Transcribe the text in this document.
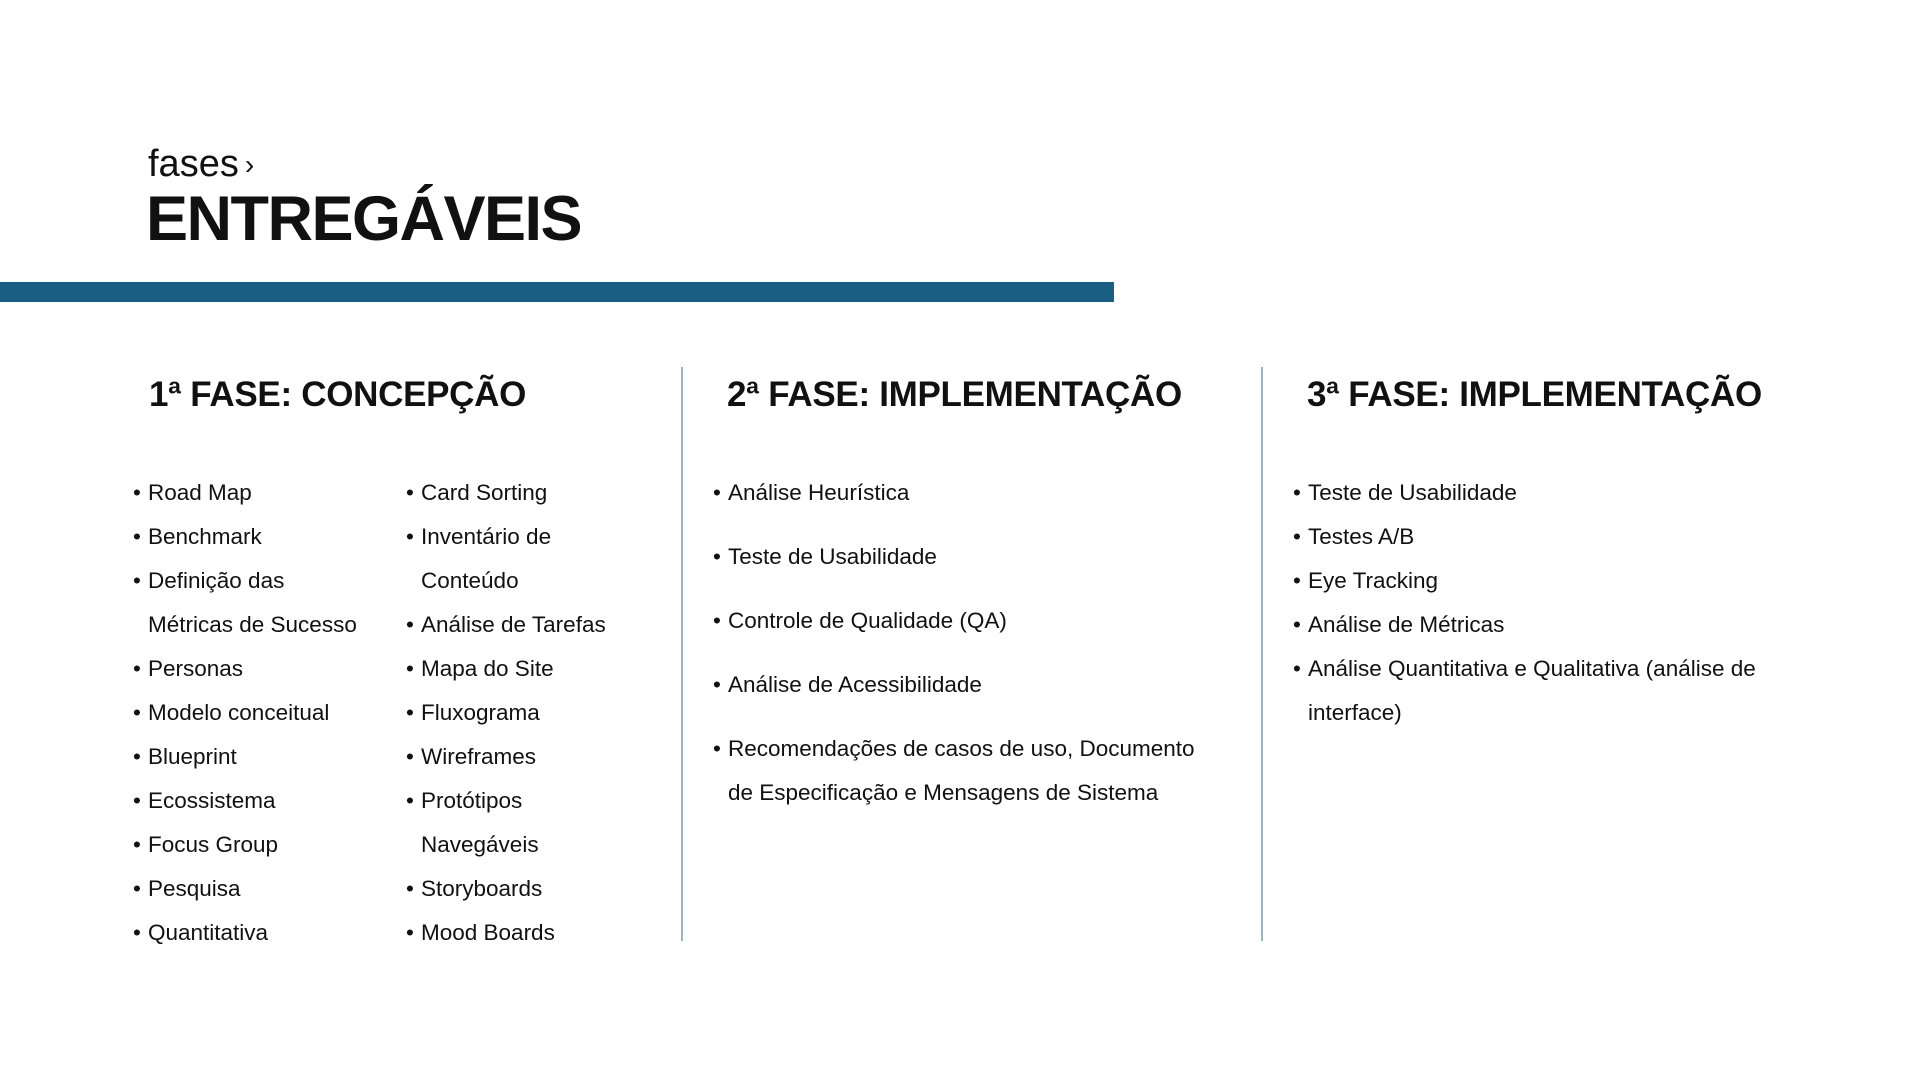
fases ›
ENTREGÁVEIS
1ª FASE: CONCEPÇÃO	2ª FASE: IMPLEMENTAÇÃO	3ª FASE: IMPLEMENTAÇÃO
• Road Map
• Benchmark
• Definição das
Métricas de Sucesso
• Personas
• Modelo conceitual
• Blueprint
• Ecossistema
• Focus Group
• Pesquisa
• Quantitativa
• Card Sorting
• Inventário de
Conteúdo
• Análise de Tarefas
• Mapa do Site
• Fluxograma
• Wireframes
• Protótipos
Navegáveis
• Storyboards
• Mood Boards
• Análise Heurística
• Teste de Usabilidade
• Controle de Qualidade (QA)
• Análise de Acessibilidade
• Recomendações de casos de uso, Documento
de Especificação e Mensagens de Sistema
• Teste de Usabilidade
• Testes A/B
• Eye Tracking
• Análise de Métricas
• Análise Quantitativa e Qualitativa (análise de
interface)
